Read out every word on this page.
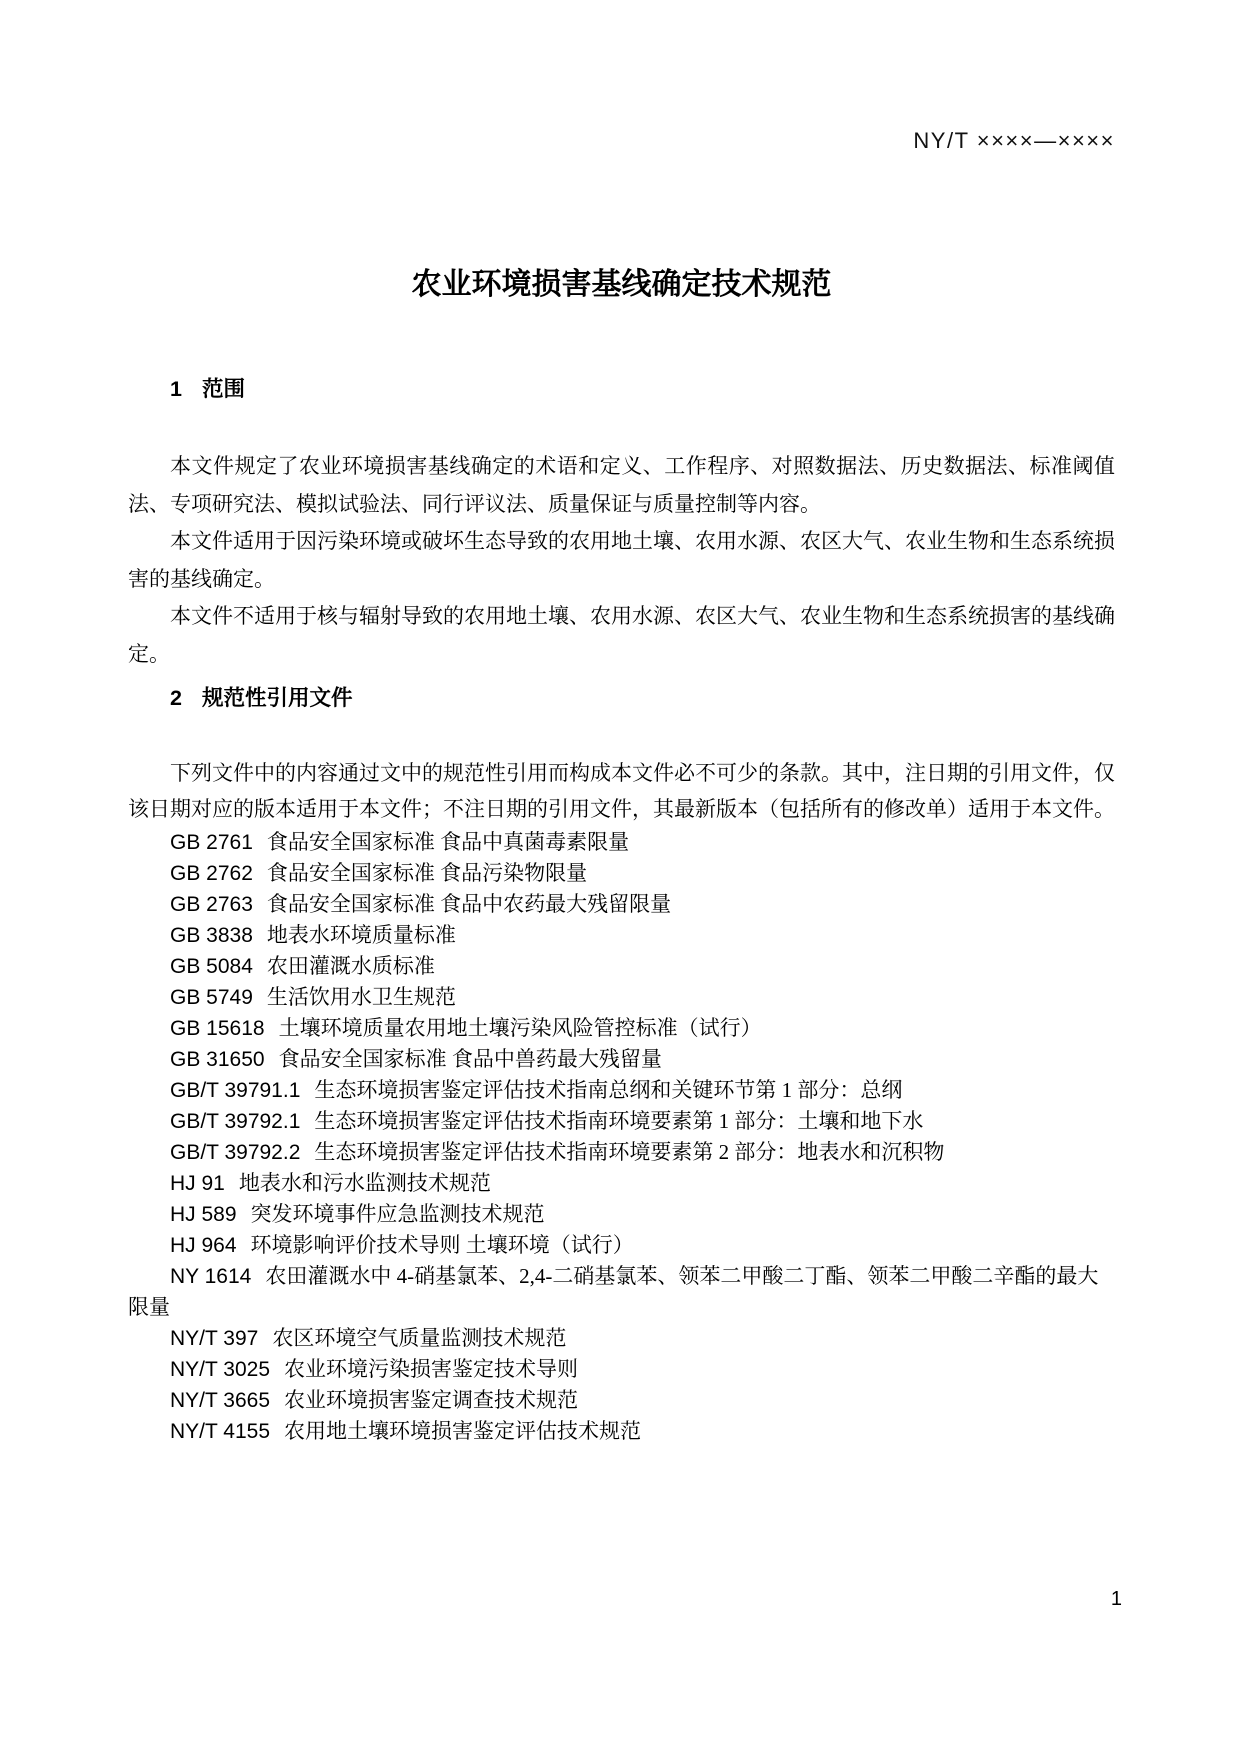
NY/T ××××—××××
农业环境损害基线确定技术规范
1 范围

本文件规定了农业环境损害基线确定的术语和定义、工作程序、对照数据法、历史数据法、标准阈值法、专项研究法、模拟试验法、同行评议法、质量保证与质量控制等内容。

本文件适用于因污染环境或破坏生态导致的农用地土壤、农用水源、农区大气、农业生物和生态系统损害的基线确定。

本文件不适用于核与辐射导致的农用地土壤、农用水源、农区大气、农业生物和生态系统损害的基线确定。

2 规范性引用文件

下列文件中的内容通过文中的规范性引用而构成本文件必不可少的条款。其中，注日期的引用文件，仅该日期对应的版本适用于本文件；不注日期的引用文件，其最新版本（包括所有的修改单）适用于本文件。

GB 2761 食品安全国家标准 食品中真菌毒素限量

GB 2762 食品安全国家标准 食品污染物限量

GB 2763 食品安全国家标准 食品中农药最大残留限量

GB 3838 地表水环境质量标准

GB 5084 农田灌溉水质标准

GB 5749 生活饮用水卫生规范

GB 15618 土壤环境质量农用地土壤污染风险管控标准（试行）

GB 31650 食品安全国家标准 食品中兽药最大残留量

GB/T 39791.1 生态环境损害鉴定评估技术指南总纲和关键环节第 1 部分：总纲

GB/T 39792.1 生态环境损害鉴定评估技术指南环境要素第 1 部分：土壤和地下水

GB/T 39792.2 生态环境损害鉴定评估技术指南环境要素第 2 部分：地表水和沉积物

HJ 91 地表水和污水监测技术规范

HJ 589 突发环境事件应急监测技术规范

HJ 964 环境影响评价技术导则 土壤环境（试行）

NY 1614 农田灌溉水中 4-硝基氯苯、2,4-二硝基氯苯、领苯二甲酸二丁酯、领苯二甲酸二辛酯的最大限量

NY/T 397 农区环境空气质量监测技术规范

NY/T 3025 农业环境污染损害鉴定技术导则

NY/T 3665 农业环境损害鉴定调查技术规范

NY/T 4155 农用地土壤环境损害鉴定评估技术规范

1
